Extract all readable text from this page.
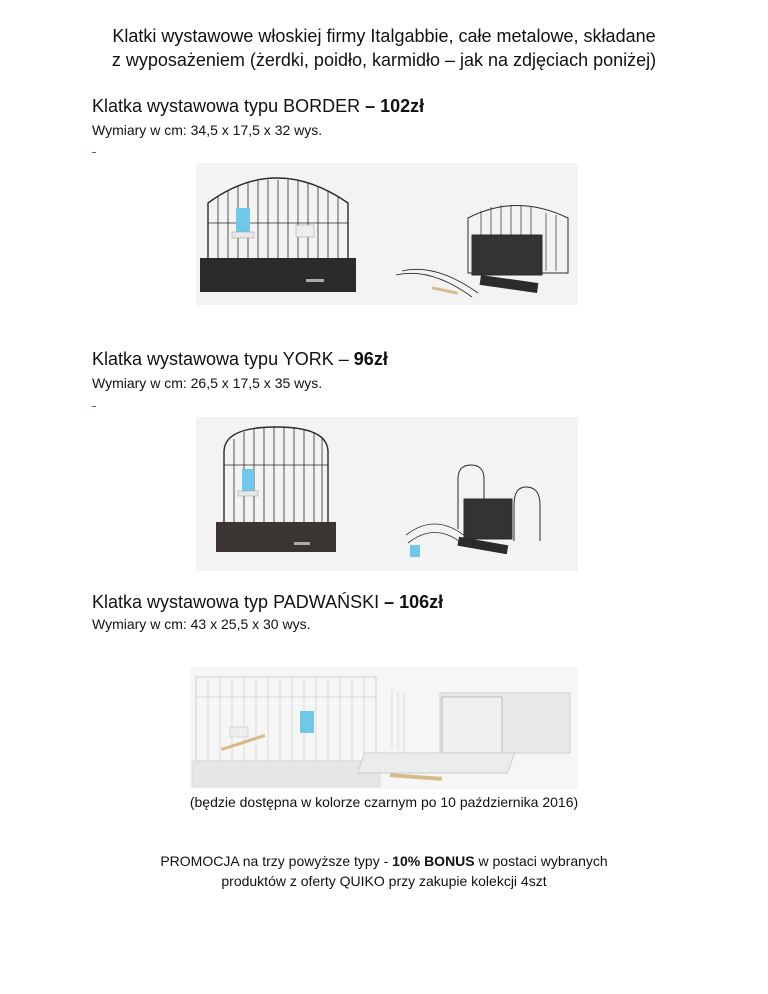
Klatki wystawowe włoskiej firmy Italgabbie, całe metalowe, składane
z wyposażeniem (żerdki, poidło, karmidło – jak na zdjęciach poniżej)
Klatka wystawowa typu BORDER – 102zł
Wymiary w cm: 34,5 x 17,5 x 32 wys.
Klatka wystawowa typu YORK – 96zł
Wymiary w cm: 26,5 x 17,5 x 35 wys.
Klatka wystawowa typ PADWAŃSKI – 106zł
Wymiary w cm: 43 x 25,5 x 30 wys.
(będzie dostępna w kolorze czarnym po 10 października 2016)
PROMOCJA na trzy powyższe typy - 10% BONUS w postaci wybranych
produktów z oferty QUIKO przy zakupie kolekcji 4szt
